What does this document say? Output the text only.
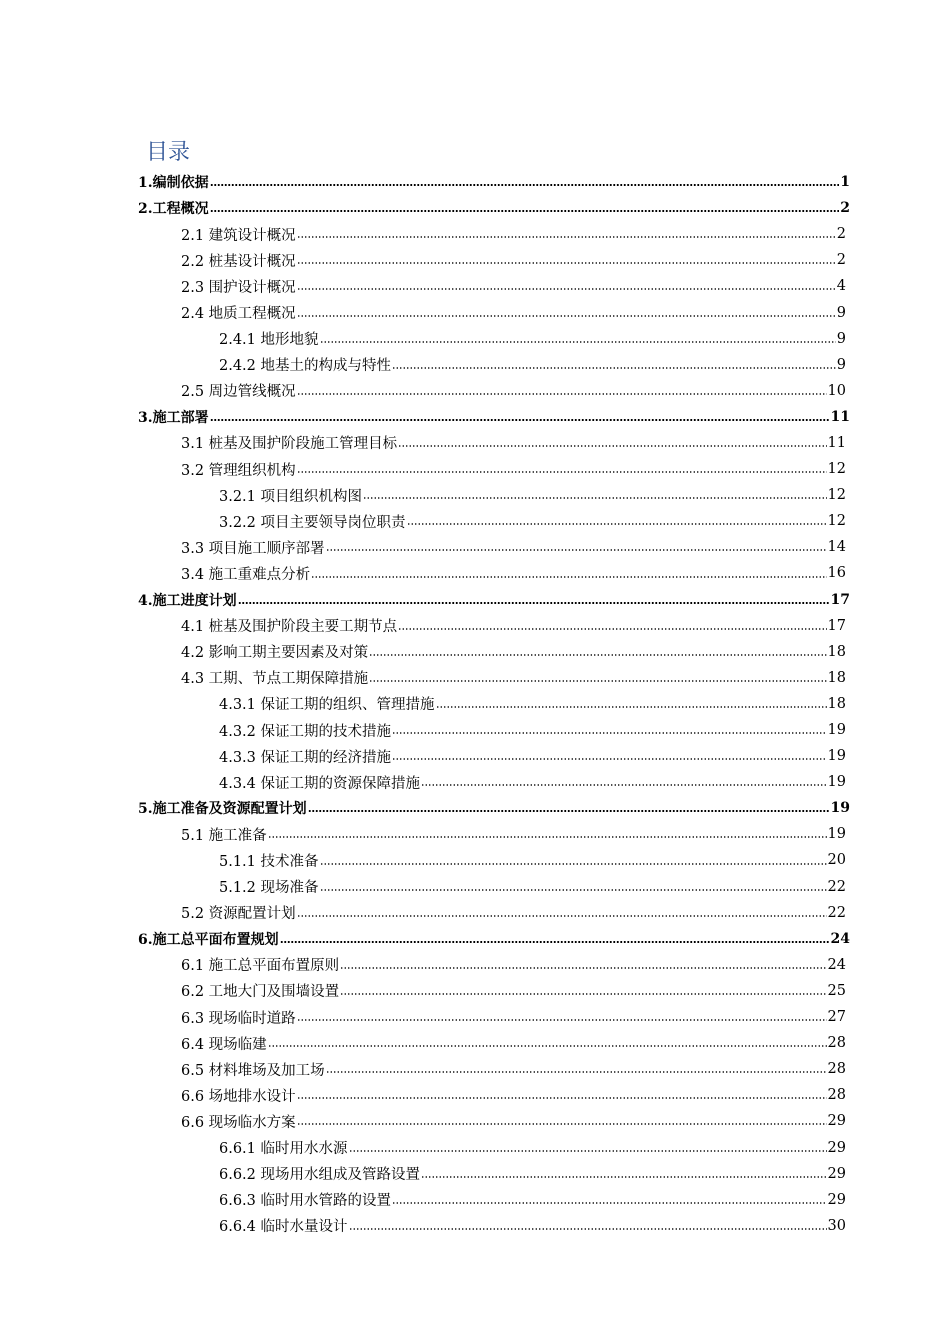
目录
1.编制依据	1
2.工程概况	2
2.1 建筑设计概况	2
2.2 桩基设计概况	2
2.3 围护设计概况	4
2.4 地质工程概况	9
2.4.1 地形地貌	9
2.4.2 地基土的构成与特性	9
2.5 周边管线概况	10
3.施工部署	11
3.1 桩基及围护阶段施工管理目标	11
3.2 管理组织机构	12
3.2.1 项目组织机构图	12
3.2.2 项目主要领导岗位职责	12
3.3 项目施工顺序部署	14
3.4 施工重难点分析	16
4.施工进度计划	17
4.1 桩基及围护阶段主要工期节点	17
4.2 影响工期主要因素及对策	18
4.3 工期、节点工期保障措施	18
4.3.1 保证工期的组织、管理措施	18
4.3.2 保证工期的技术措施	19
4.3.3 保证工期的经济措施	19
4.3.4 保证工期的资源保障措施	19
5.施工准备及资源配置计划	19
5.1 施工准备	19
5.1.1 技术准备	20
5.1.2 现场准备	22
5.2 资源配置计划	22
6.施工总平面布置规划	24
6.1 施工总平面布置原则	24
6.2 工地大门及围墙设置	25
6.3 现场临时道路	27
6.4 现场临建	28
6.5 材料堆场及加工场	28
6.6 场地排水设计	28
6.6 现场临水方案	29
6.6.1 临时用水水源	29
6.6.2 现场用水组成及管路设置	29
6.6.3 临时用水管路的设置	29
6.6.4 临时水量设计	30
